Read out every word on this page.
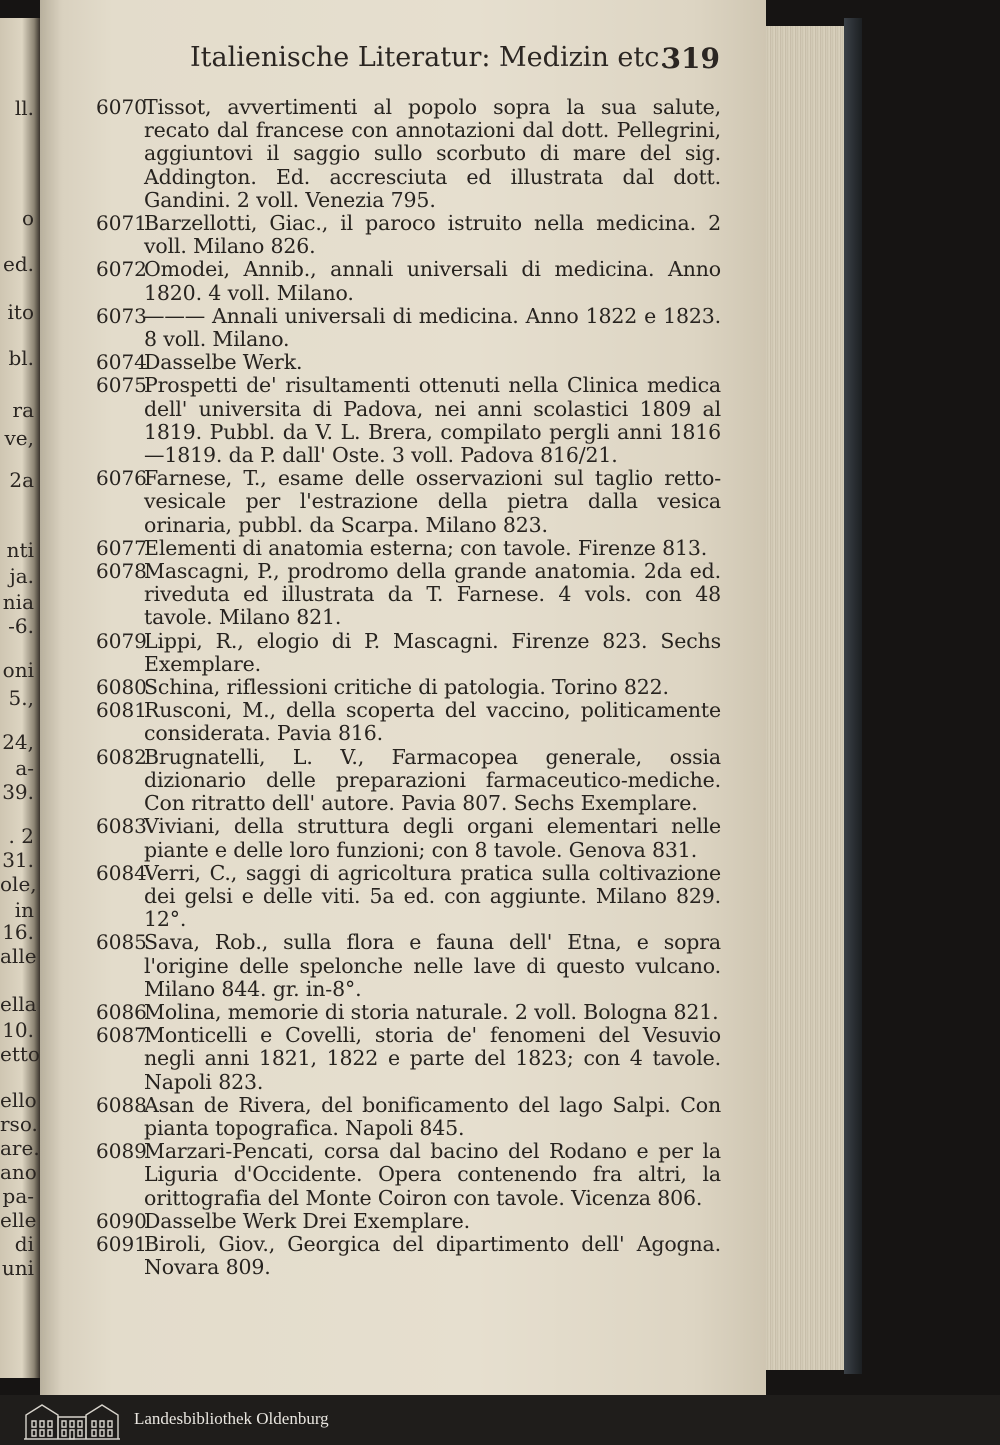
ll.
o
ed.
ito
bl.
ra
ve,
2a
nti
ja.
nia
-6.
oni
5.,
24,
a-
39.
. 2
31.
ole,
in
16.
alle
ella
10.
etto
ello
rso.
are.
ano
pa-
elle
di
uni
Italienische Literatur: Medizin etc.
319
6070
Tissot, avvertimenti al popolo sopra la sua salute, recato dal francese con annotazioni dal dott. Pellegrini, aggiuntovi il saggio sullo scorbuto di mare del sig. Addington. Ed. accresciuta ed illustrata dal dott. Gandini. 2 voll. Venezia 795.
6071
Barzellotti, Giac., il paroco istruito nella medicina. 2 voll. Milano 826.
6072
Omodei, Annib., annali universali di medicina. Anno 1820. 4 voll. Milano.
6073
——— Annali universali di medicina. Anno 1822 e 1823. 8 voll. Milano.
6074
Dasselbe Werk.
6075
Prospetti de' risultamenti ottenuti nella Clinica medica dell' universita di Padova, nei anni scolastici 1809 al 1819. Pubbl. da V. L. Brera, compilato pergli anni 1816—1819. da P. dall' Oste. 3 voll. Padova 816/21.
6076
Farnese, T., esame delle osservazioni sul taglio retto-vesicale per l'estrazione della pietra dalla vesica orinaria, pubbl. da Scarpa. Milano 823.
6077
Elementi di anatomia esterna; con tavole. Firenze 813.
6078
Mascagni, P., prodromo della grande anatomia. 2da ed. riveduta ed illustrata da T. Farnese. 4 vols. con 48 tavole. Milano 821.
6079
Lippi, R., elogio di P. Mascagni. Firenze 823. Sechs Exemplare.
6080
Schina, riflessioni critiche di patologia. Torino 822.
6081
Rusconi, M., della scoperta del vaccino, politicamente considerata. Pavia 816.
6082
Brugnatelli, L. V., Farmacopea generale, ossia dizionario delle preparazioni farmaceutico-mediche. Con ritratto dell' autore. Pavia 807. Sechs Exemplare.
6083
Viviani, della struttura degli organi elementari nelle piante e delle loro funzioni; con 8 tavole. Genova 831.
6084
Verri, C., saggi di agricoltura pratica sulla coltivazione dei gelsi e delle viti. 5a ed. con aggiunte. Milano 829. 12°.
6085
Sava, Rob., sulla flora e fauna dell' Etna, e sopra l'origine delle spelonche nelle lave di questo vulcano. Milano 844. gr. in-8°.
6086
Molina, memorie di storia naturale. 2 voll. Bologna 821.
6087
Monticelli e Covelli, storia de' fenomeni del Vesuvio negli anni 1821, 1822 e parte del 1823; con 4 tavole. Napoli 823.
6088
Asan de Rivera, del bonificamento del lago Salpi. Con pianta topografica. Napoli 845.
6089
Marzari-Pencati, corsa dal bacino del Rodano e per la Liguria d'Occidente. Opera contenendo fra altri, la orittografia del Monte Coiron con tavole. Vicenza 806.
6090
Dasselbe Werk Drei Exemplare.
6091
Biroli, Giov., Georgica del dipartimento dell' Agogna. Novara 809.
Landesbibliothek Oldenburg
